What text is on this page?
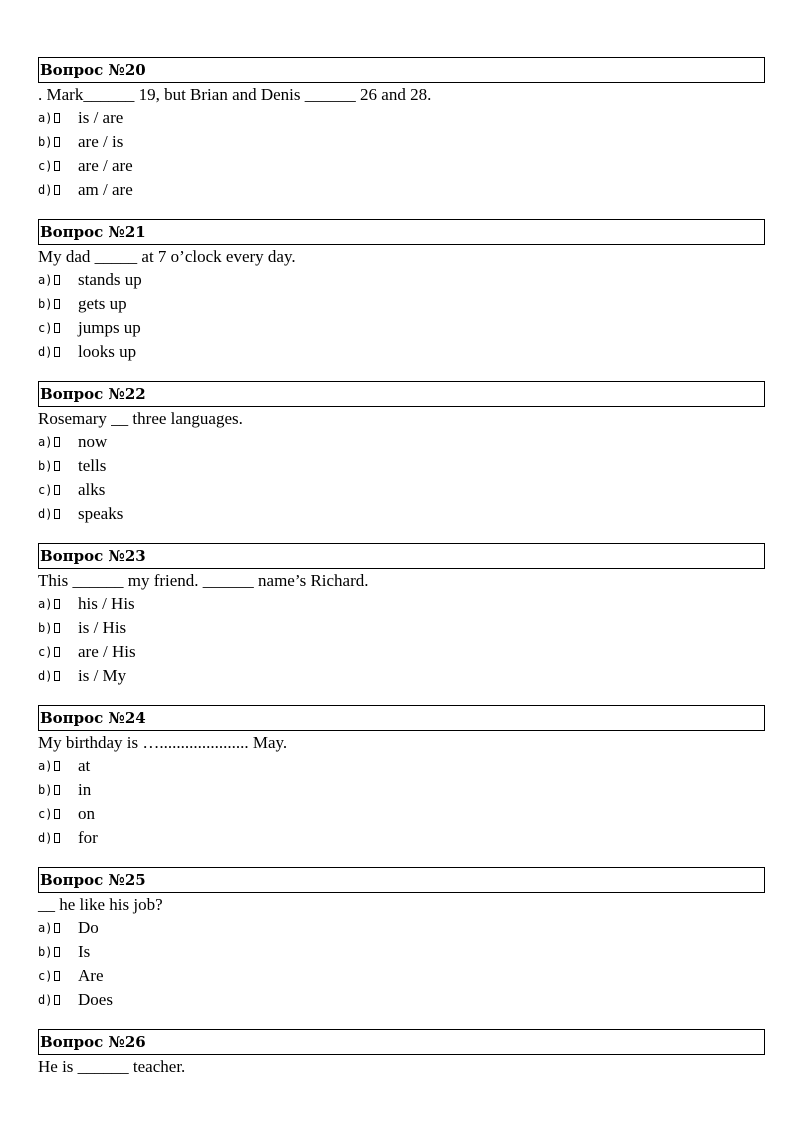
Вопрос №20
. Mark______ 19, but Brian and Denis ______ 26 and 28.
a) is / are
b) are / is
c) are / are
d) am / are
Вопрос №21
My dad _____ at 7 o’clock every day.
a) stands up
b) gets up
c) jumps up
d) looks up
Вопрос №22
Rosemary __ three languages.
a) now
b) tells
c) alks
d) speaks
Вопрос №23
This ______ my friend. ______ name’s Richard.
a) his / His
b) is / His
c) are / His
d) is / My
Вопрос №24
My birthday is …..................... May.
a) at
b) in
c) on
d) for
Вопрос №25
__ he like his job?
a) Do
b) Is
c) Are
d) Does
Вопрос №26
He is ______ teacher.
